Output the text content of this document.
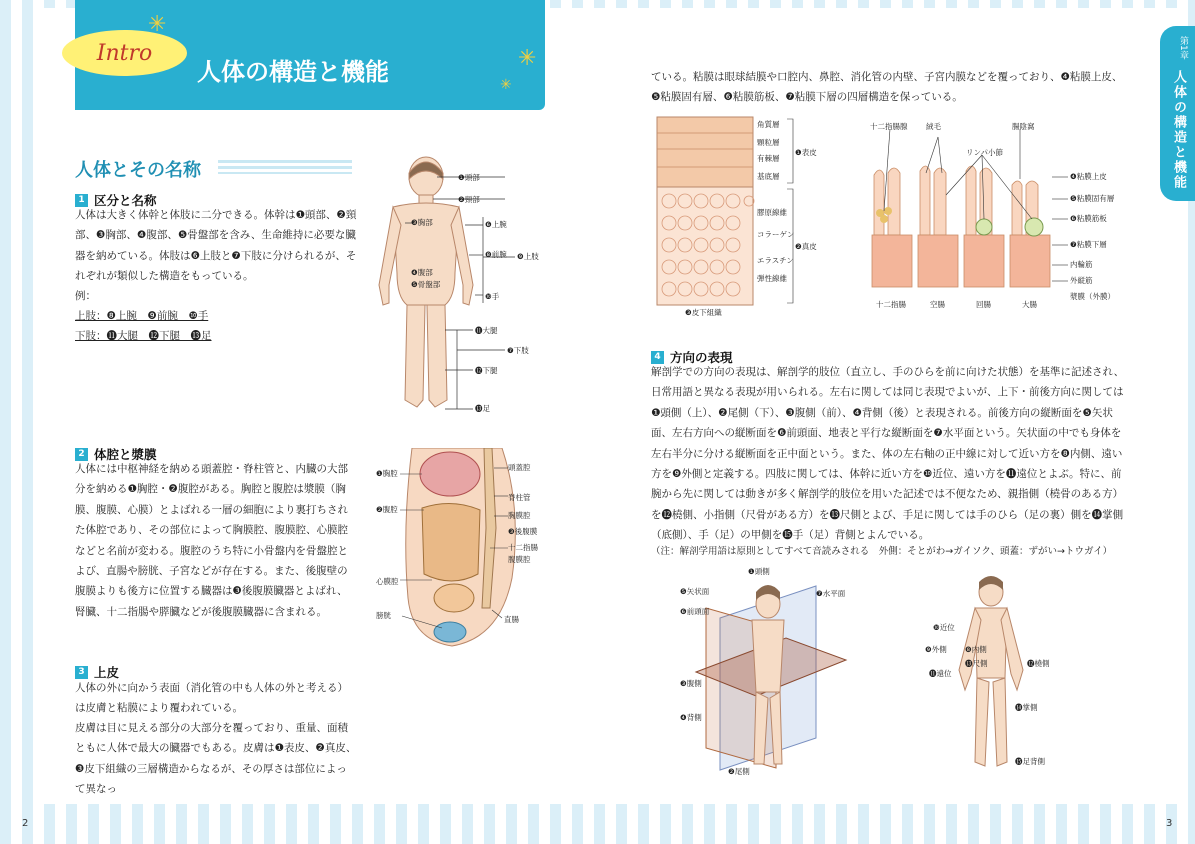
Intro
✳
✳
✳
人体の構造と機能
第1章
人体の構造と機能
人体とその名称
1 区分と名称
人体は大きく体幹と体肢に二分できる。体幹は❶頭部、❷頸部、❸胸部、❹腹部、❺骨盤部を含み、生命維持に必要な臓器を納めている。体肢は❻上肢と❼下肢に分けられるが、それぞれが類似した構造をもっている。
例：
上肢：❽上腕　❾前腕　❿手
下肢：⓫大腿　⓬下腿　⓭足
❶頭部
❷頸部
❸胸部
❹腹部
❺骨盤部
❻上腕
❼下肢
❽前腕 ❾上肢
❿手
⓫大腿
⓬下腿
⓭足
2 体腔と漿膜
人体には中枢神経を納める頭蓋腔・脊柱管と、内臓の大部分を納める❶胸腔・❷腹腔がある。胸腔と腹腔は漿膜（胸膜、腹膜、心膜）とよばれる一層の細胞により裏打ちされた体腔であり、その部位によって胸膜腔、腹膜腔、心膜腔などと名前が変わる。腹腔のうち特に小骨盤内を骨盤腔とよび、直腸や膀胱、子宮などが存在する。また、後腹壁の腹膜よりも後方に位置する臓器は❸後腹膜臓器とよばれ、腎臓、十二指腸や膵臓などが後腹膜臓器に含まれる。
❶胸腔
❷腹腔
脊柱管
頭蓋腔
胸膜腔
腹膜腔
❸後腹膜
十二指腸
膀胱	直腸
心膜腔
3 上皮
人体の外に向かう表面（消化管の中も人体の外と考える）は皮膚と粘膜により覆われている。
皮膚は目に見える部分の大部分を覆っており、重量、面積ともに人体で最大の臓器でもある。皮膚は❶表皮、❷真皮、❸皮下組織の三層構造からなるが、その厚さは部位によって異なっ
ている。粘膜は眼球結膜や口腔内、鼻腔、消化管の内壁、子宮内膜などを覆っており、❹粘膜上皮、❺粘膜固有層、❻粘膜筋板、❼粘膜下層の四層構造を保っている。
角質層
顆粒層
有棘層
基底層
❶表皮
膠原線維
弾性線維
❷真皮
コラーゲン
エラスチン
❸皮下組織
十二指腸腺 絨毛
リンパ小節
腸陰窩
❹粘膜上皮
❺粘膜固有層
❻粘膜筋板
❼粘膜下層
内輪筋
外縦筋
漿膜（外膜）
十二指腸	空腸	回腸	大腸
4 方向の表現
解剖学での方向の表現は、解剖学的肢位（直立し、手のひらを前に向けた状態）を基準に記述され、日常用語と異なる表現が用いられる。左右に関しては同じ表現でよいが、上下・前後方向に関しては❶頭側（上）、❷尾側（下）、❸腹側（前）、❹背側（後）と表現される。前後方向の縦断面を❺矢状面、左右方向への縦断面を❻前頭面、地表と平行な縦断面を❼水平面という。矢状面の中でも身体を左右半分に分ける縦断面を正中面という。また、体の左右軸の正中線に対して近い方を❽内側、遠い方を❾外側と定義する。四肢に関しては、体幹に近い方を❿近位、遠い方を⓫遠位とよぶ。特に、前腕から先に関しては動きが多く解剖学的肢位を用いた記述では不便なため、親指側（橈骨のある方）を⓬橈側、小指側（尺骨がある方）を⓭尺側とよび、手足に関しては手のひら（足の裏）側を⓮掌側（底側）、手（足）の甲側を⓯手（足）背側とよんでいる。
（注：解剖学用語は原則としてすべて音読みされる　外側：そとがわ→ガイソク、頭蓋：ずがい→トウガイ）
❶頭側
❺矢状面
❻前頭面
❼水平面
❸腹側
❹背側
❷尾側
❿近位
❽内側
❾外側
⓭尺側	⓬橈側
⓫遠位
⓮掌側
⓯足背側
2	3
